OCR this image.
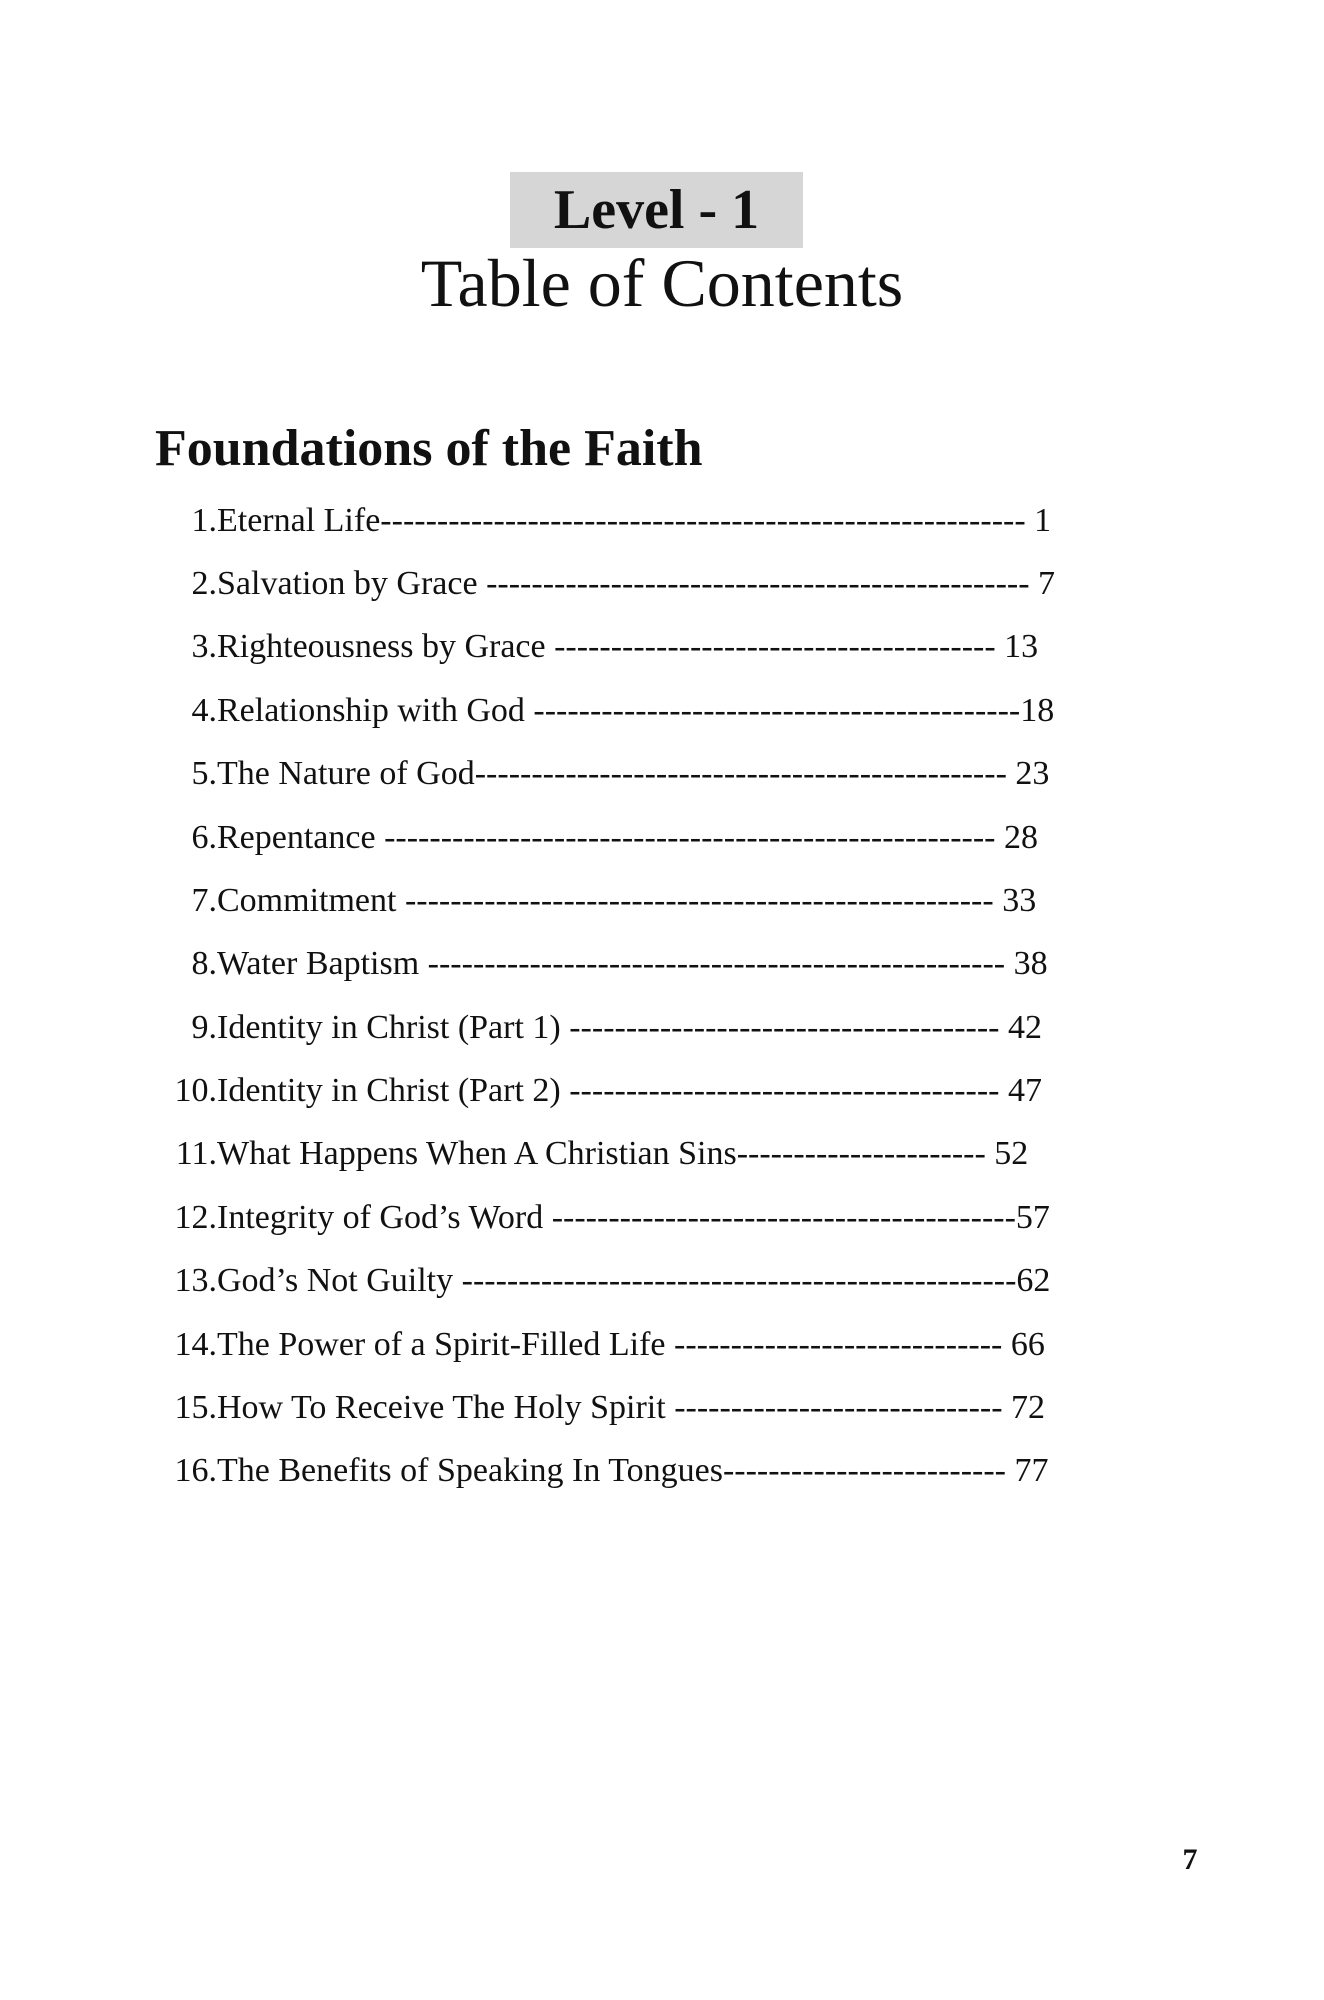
Level - 1
Table of Contents
Foundations of the Faith
1. Eternal Life--------------------------------------------------------- 1
2. Salvation by Grace ------------------------------------------------ 7
3. Righteousness by Grace --------------------------------------- 13
4. Relationship with God -------------------------------------------18
5. The Nature of God----------------------------------------------- 23
6. Repentance ------------------------------------------------------ 28
7. Commitment ---------------------------------------------------- 33
8. Water Baptism --------------------------------------------------- 38
9. Identity in Christ (Part 1) -------------------------------------- 42
10. Identity in Christ (Part 2) -------------------------------------- 47
11. What Happens When A Christian Sins---------------------- 52
12. Integrity of God’s Word -----------------------------------------57
13. God’s Not Guilty -------------------------------------------------62
14. The Power of a Spirit-Filled Life ----------------------------- 66
15. How To Receive The Holy Spirit ----------------------------- 72
16. The Benefits of Speaking In Tongues------------------------- 77
7
